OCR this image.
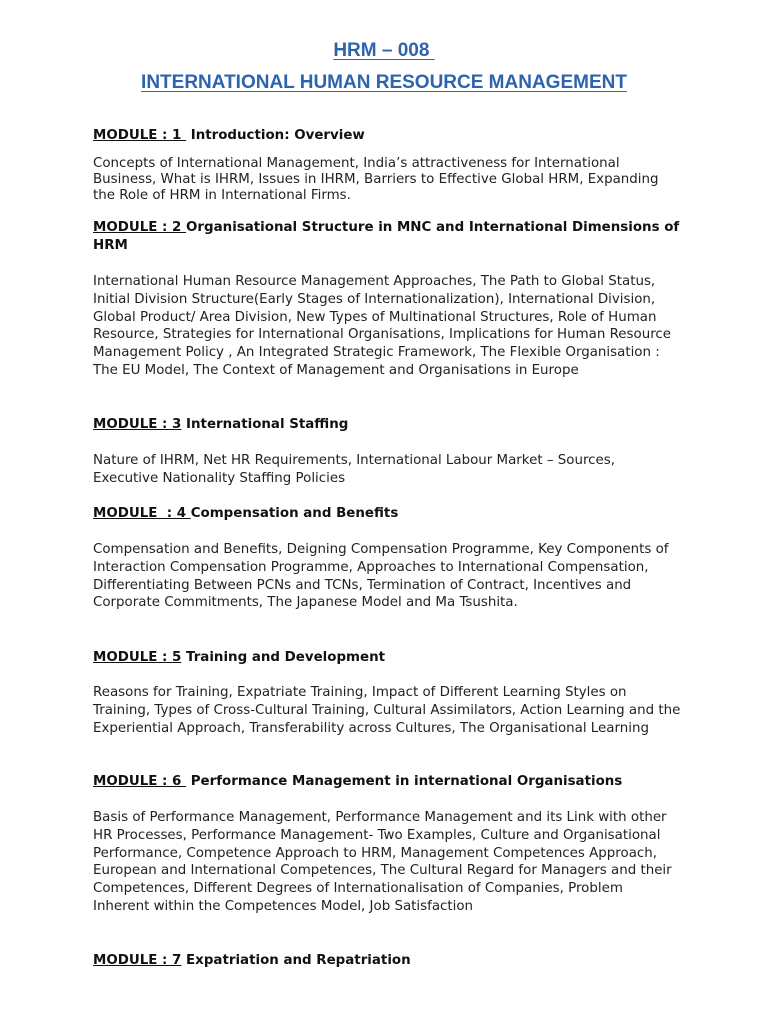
HRM – 008
INTERNATIONAL HUMAN RESOURCE MANAGEMENT
MODULE : 1  Introduction: Overview
Concepts of International Management, India’s attractiveness for International Business, What is IHRM, Issues in IHRM, Barriers to Effective Global HRM, Expanding the Role of HRM in International Firms.
MODULE : 2 Organisational Structure in MNC and International Dimensions of HRM
International Human Resource Management Approaches, The Path to Global Status, Initial Division Structure(Early Stages of Internationalization), International Division, Global Product/ Area Division, New Types of Multinational Structures, Role of Human Resource, Strategies for International Organisations, Implications for Human Resource Management Policy , An Integrated Strategic Framework, The Flexible Organisation : The EU Model, The Context of Management and Organisations in Europe
MODULE : 3 International Staffing
Nature of IHRM, Net HR Requirements, International Labour Market – Sources, Executive Nationality Staffing Policies
MODULE  : 4 Compensation and Benefits
Compensation and Benefits, Deigning Compensation Programme, Key Components of Interaction Compensation Programme, Approaches to International Compensation, Differentiating Between PCNs and TCNs, Termination of Contract, Incentives and Corporate Commitments, The Japanese Model and Ma Tsushita.
MODULE : 5 Training and Development
Reasons for Training, Expatriate Training, Impact of Different Learning Styles on Training, Types of Cross-Cultural Training, Cultural Assimilators, Action Learning and the Experiential Approach, Transferability across Cultures, The Organisational Learning
MODULE : 6  Performance Management in international Organisations
Basis of Performance Management, Performance Management and its Link with other HR Processes, Performance Management- Two Examples, Culture and Organisational Performance, Competence Approach to HRM, Management Competences Approach, European and International Competences, The Cultural Regard for Managers and their Competences, Different Degrees of Internationalisation of Companies, Problem Inherent within the Competences Model, Job Satisfaction
MODULE : 7 Expatriation and Repatriation
